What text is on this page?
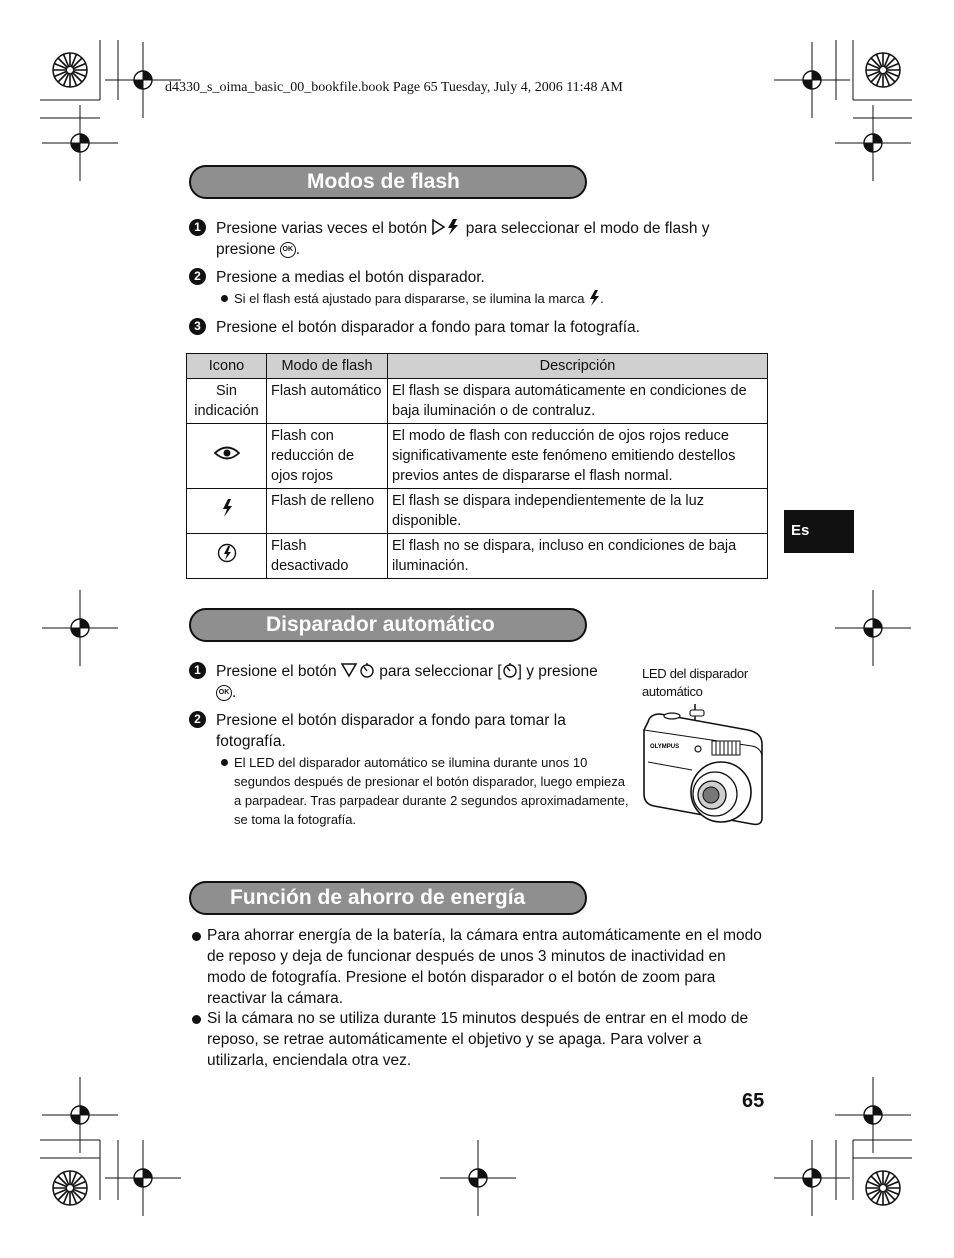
d4330_s_oima_basic_00_bookfile.book Page 65 Tuesday, July 4, 2006 11:48 AM
Modos de flash
1 Presione varias veces el botón para seleccionar el modo de flash y
presione OK .
2 Presione a medias el botón disparador.
Si el flash está ajustado para dispararse, se ilumina la marca .
3 Presione el botón disparador a fondo para tomar la fotografía.
Icono	Modo de flash	Descripción
Sin indicación	Flash automático	El flash se dispara automáticamente en condiciones de baja iluminación o de contraluz.
	Flash con reducción de ojos rojos	El modo de flash con reducción de ojos rojos reduce significativamente este fenómeno emitiendo destellos previos antes de dispararse el flash normal.
	Flash de relleno	El flash se dispara independientemente de la luz disponible.
	Flash desactivado	El flash no se dispara, incluso en condiciones de baja iluminación.
Es
Disparador automático
1 Presione el botón	para seleccionar [ ] y presione
OK .
2 Presione el botón disparador a fondo para tomar la
fotografía.
El LED del disparador automático se ilumina durante unos 10 segundos después de presionar el botón disparador, luego empieza a parpadear. Tras parpadear durante 2 segundos aproximadamente, se toma la fotografía.
LED del disparador automático
OLYMPUS
Función de ahorro de energía
Para ahorrar energía de la batería, la cámara entra automáticamente en el modo de reposo y deja de funcionar después de unos 3 minutos de inactividad en modo de fotografía. Presione el botón disparador o el botón de zoom para reactivar la cámara.
Si la cámara no se utiliza durante 15 minutos después de entrar en el modo de reposo, se retrae automáticamente el objetivo y se apaga. Para volver a utilizarla, enciendala otra vez.
65
